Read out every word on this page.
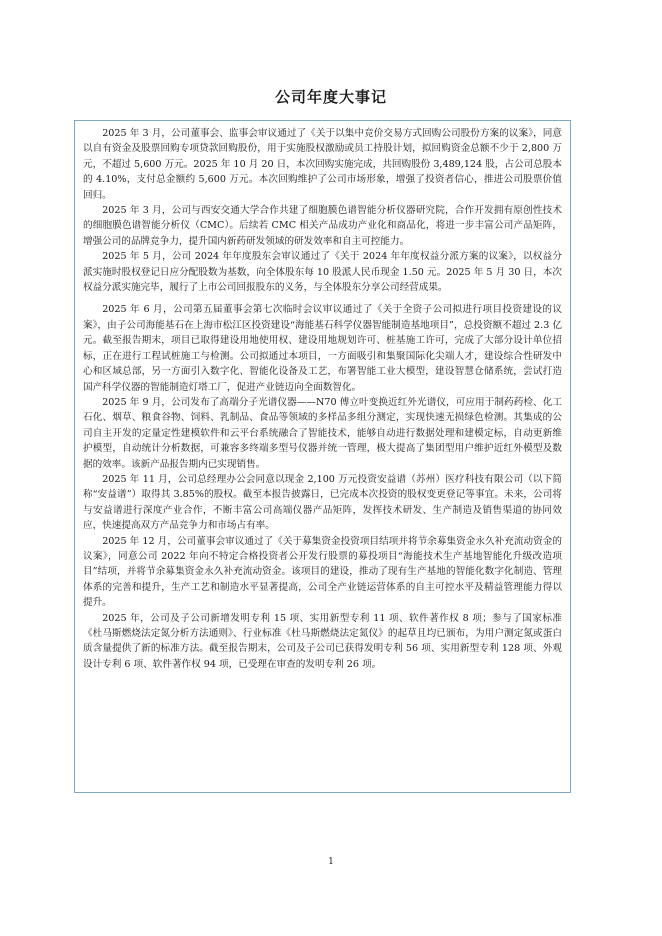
公司年度大事记

2025 年 3 月，公司董事会、监事会审议通过了《关于以集中竞价交易方式回购公司股份方案的议案》，同意以自有资金及股票回购专项贷款回购股份，用于实施股权激励或员工持股计划，拟回购资金总额不少于 2,800 万元，不超过 5,600 万元。2025 年 10 月 20 日，本次回购实施完成，共回购股份 3,489,124 股，占公司总股本的 4.10%，支付总金额约 5,600 万元。本次回购维护了公司市场形象，增强了投资者信心，推进公司股票价值回归。

2025 年 3 月，公司与西安交通大学合作共建了细胞膜色谱智能分析仪器研究院，合作开发拥有原创性技术的细胞膜色谱智能分析仪（CMC）。后续若 CMC 相关产品成功产业化和商品化，将进一步丰富公司产品矩阵，增强公司的品牌竞争力，提升国内新药研发领域的研发效率和自主可控能力。

2025 年 5 月，公司 2024 年年度股东会审议通过了《关于 2024 年年度权益分派方案的议案》，以权益分派实施时股权登记日应分配股数为基数，向全体股东每 10 股派人民币现金 1.50 元。2025 年 5 月 30 日，本次权益分派实施完毕，履行了上市公司回报股东的义务，与全体股东分享公司经营成果。

2025 年 6 月，公司第五届董事会第七次临时会议审议通过了《关于全资子公司拟进行项目投资建设的议案》，由子公司海能基石在上海市松江区投资建设“海能基石科学仪器智能制造基地项目”，总投资额不超过 2.3 亿元。截至报告期末，项目已取得建设用地使用权、建设用地规划许可、桩基施工许可，完成了大部分设计单位招标，正在进行工程试桩施工与检测。公司拟通过本项目，一方面吸引和集聚国际化尖端人才，建设综合性研发中心和区域总部，另一方面引入数字化、智能化设备及工艺，布署智能工业大模型，建设智慧仓储系统，尝试打造国产科学仪器的智能制造灯塔工厂，促进产业链迈向全面数智化。

2025 年 9 月，公司发布了高端分子光谱仪器——N70 傅立叶变换近红外光谱仪，可应用于制药药检、化工石化、烟草、粮食谷物、饲料、乳制品、食品等领域的多样品多组分测定，实现快速无损绿色检测。其集成的公司自主开发的定量定性建模软件和云平台系统融合了智能技术，能够自动进行数据处理和建模定标，自动更新维护模型，自动统计分析数据，可兼容多终端多型号仪器并统一管理，极大提高了集团型用户维护近红外模型及数据的效率。该新产品报告期内已实现销售。

2025 年 11 月，公司总经理办公会同意以现金 2,100 万元投资安益谱（苏州）医疗科技有限公司（以下简称“安益谱”）取得其 3.85%的股权。截至本报告披露日，已完成本次投资的股权变更登记等事宜。未来，公司将与安益谱进行深度产业合作，不断丰富公司高端仪器产品矩阵，发挥技术研发、生产制造及销售渠道的协同效应，快速提高双方产品竞争力和市场占有率。

2025 年 12 月，公司董事会审议通过了《关于募集资金投资项目结项并将节余募集资金永久补充流动资金的议案》，同意公司 2022 年向不特定合格投资者公开发行股票的募投项目“海能技术生产基地智能化升级改造项目”结项，并将节余募集资金永久补充流动资金。该项目的建设，推动了现有生产基地的智能化数字化制造、管理体系的完善和提升，生产工艺和制造水平显著提高，公司全产业链运营体系的自主可控水平及精益管理能力得以提升。

2025 年，公司及子公司新增发明专利 15 项、实用新型专利 11 项、软件著作权 8 项；参与了国家标准《杜马斯燃烧法定氮分析方法通则》、行业标准《杜马斯燃烧法定氮仪》的起草且均已颁布，为用户测定氮或蛋白质含量提供了新的标准方法。截至报告期末，公司及子公司已获得发明专利 56 项、实用新型专利 128 项、外观设计专利 6 项、软件著作权 94 项，已受理在审查的发明专利 26 项。

1
